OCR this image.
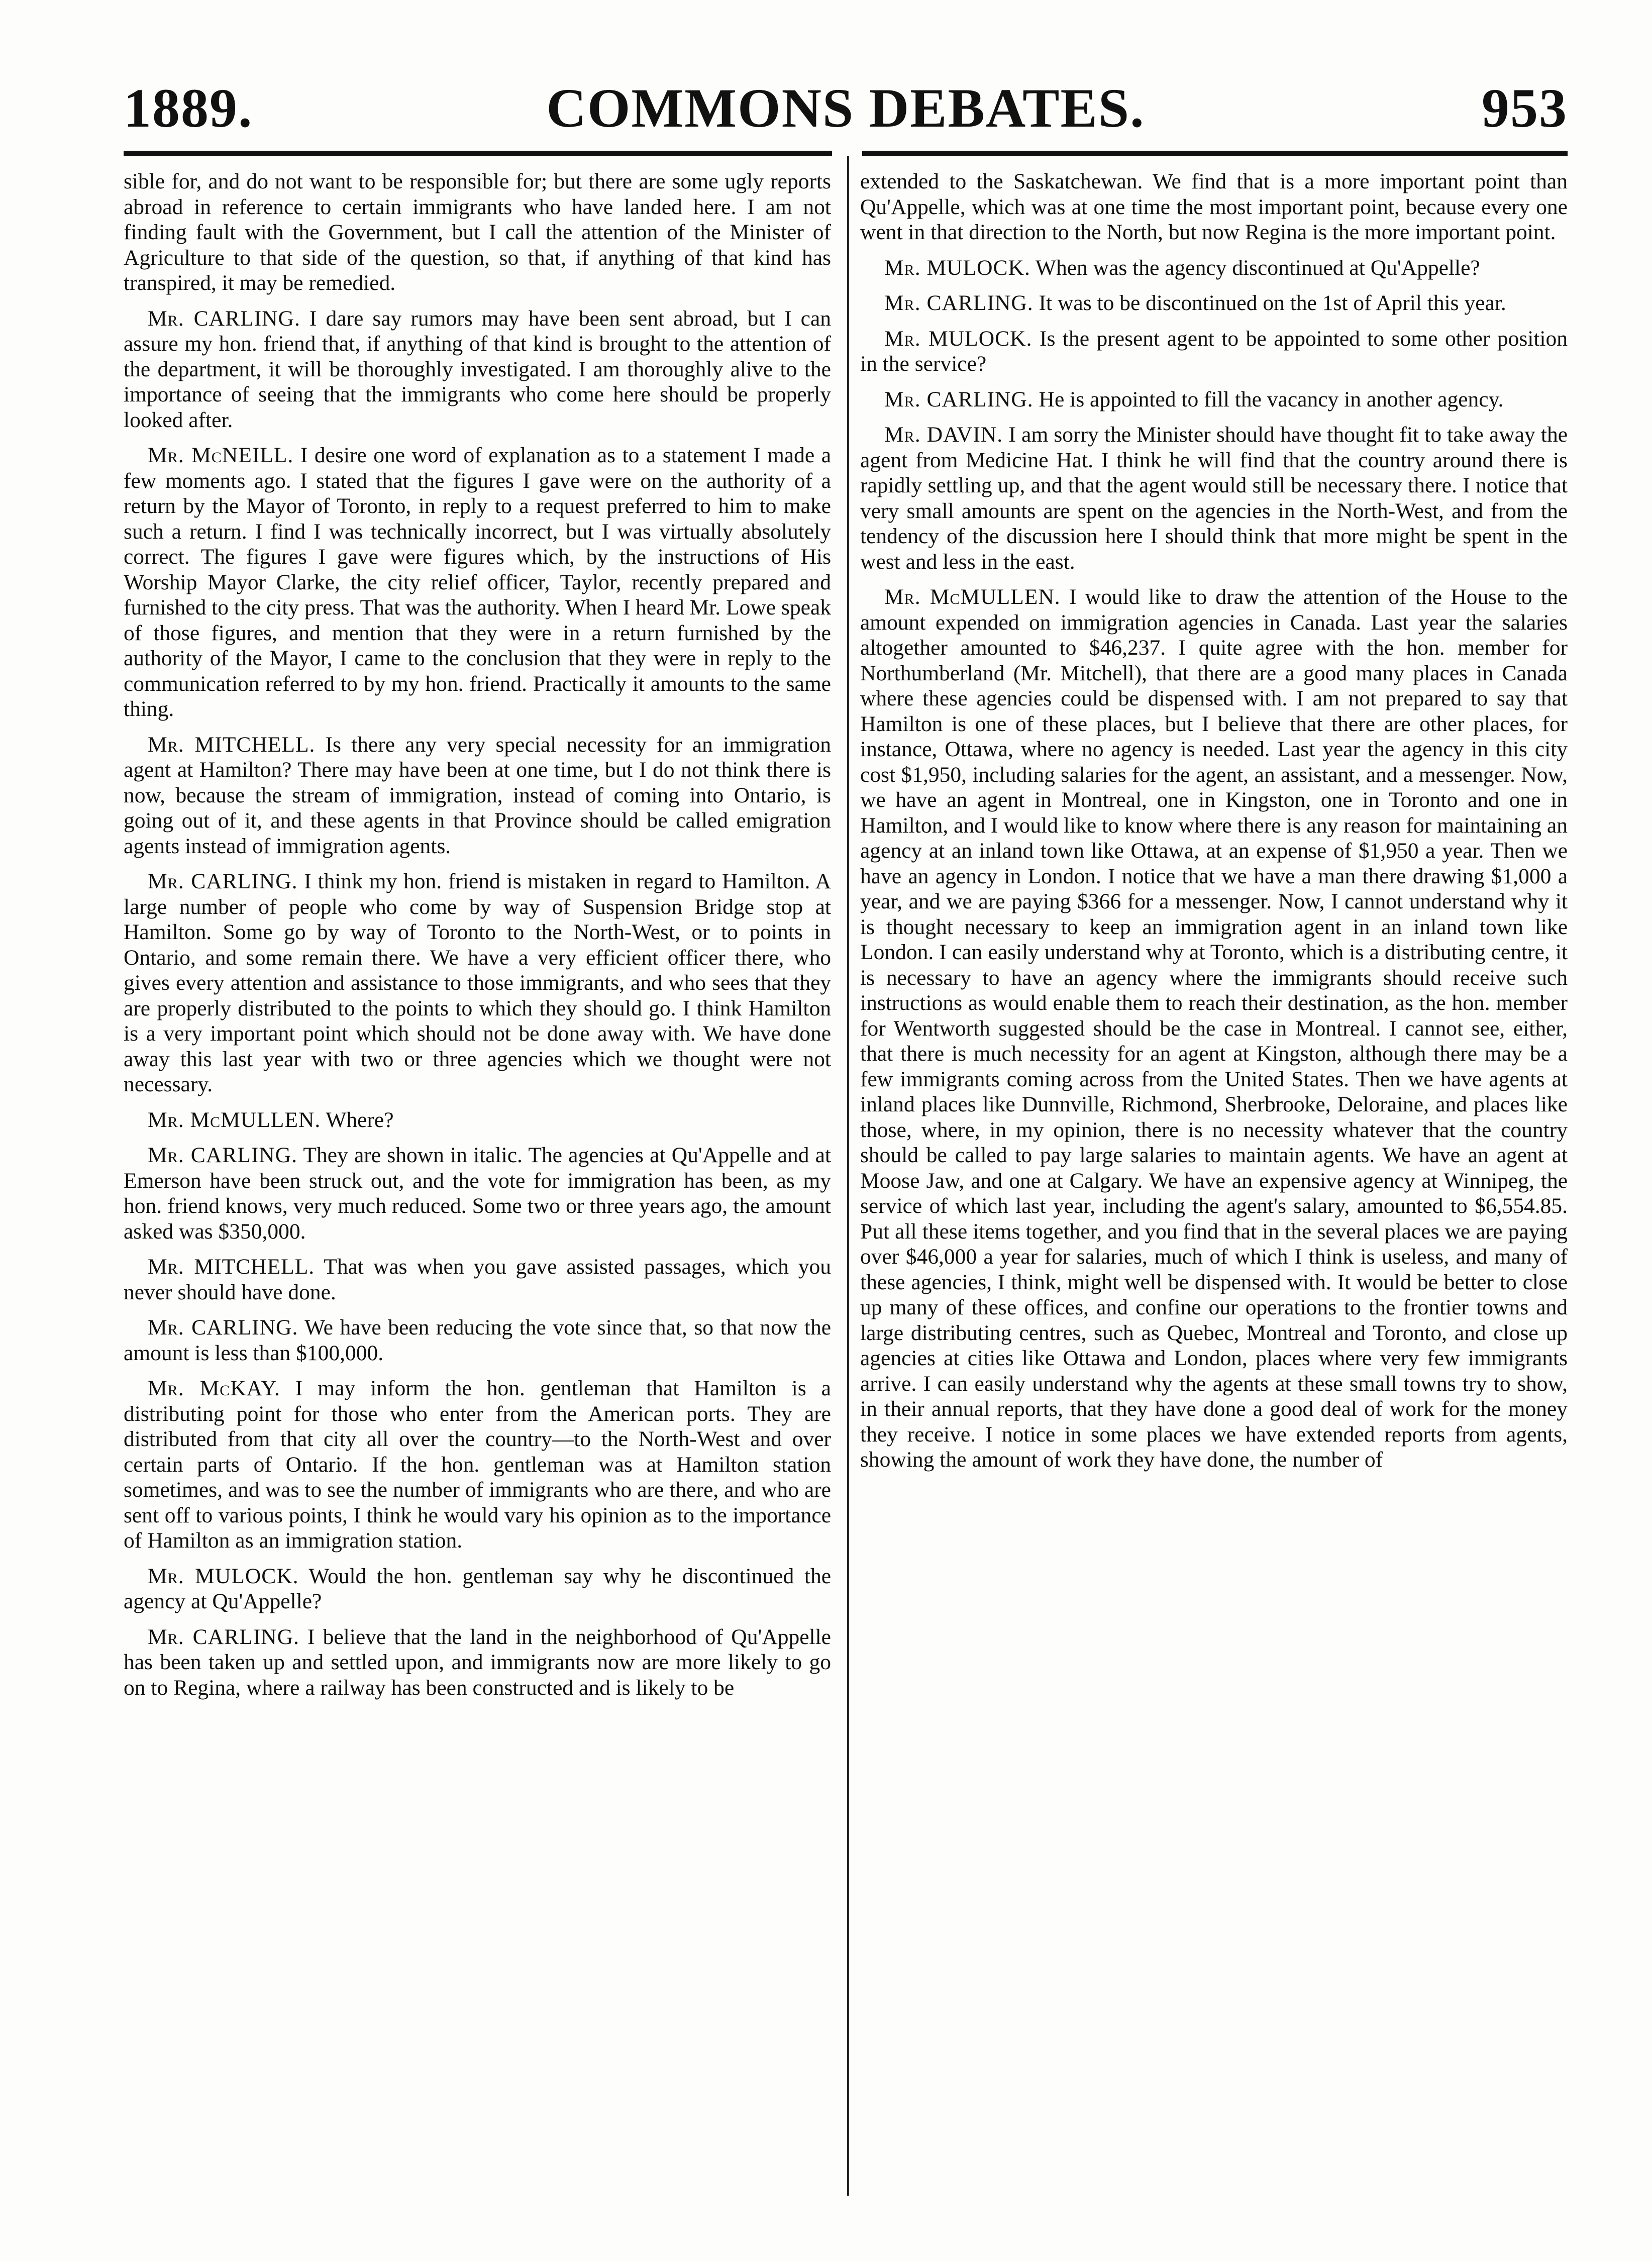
1889.	COMMONS DEBATES.	953

sible for, and do not want to be responsible for; but there are some ugly reports abroad in reference to certain immigrants who have landed here. I am not finding fault with the Government, but I call the attention of the Minister of Agriculture to that side of the question, so that, if anything of that kind has transpired, it may be remedied.

Mr. CARLING. I dare say rumors may have been sent abroad, but I can assure my hon. friend that, if anything of that kind is brought to the attention of the department, it will be thoroughly investigated. I am thoroughly alive to the importance of seeing that the immigrants who come here should be properly looked after.

Mr. McNEILL. I desire one word of explanation as to a statement I made a few moments ago. I stated that the figures I gave were on the authority of a return by the Mayor of Toronto, in reply to a request preferred to him to make such a return. I find I was technically incorrect, but I was virtually absolutely correct. The figures I gave were figures which, by the instructions of His Worship Mayor Clarke, the city relief officer, Taylor, recently prepared and furnished to the city press. That was the authority. When I heard Mr. Lowe speak of those figures, and mention that they were in a return furnished by the authority of the Mayor, I came to the conclusion that they were in reply to the communication referred to by my hon. friend. Practically it amounts to the same thing.

Mr. MITCHELL. Is there any very special necessity for an immigration agent at Hamilton? There may have been at one time, but I do not think there is now, because the stream of immigration, instead of coming into Ontario, is going out of it, and these agents in that Province should be called emigration agents instead of immigration agents.

Mr. CARLING. I think my hon. friend is mistaken in regard to Hamilton. A large number of people who come by way of Suspension Bridge stop at Hamilton. Some go by way of Toronto to the North-West, or to points in Ontario, and some remain there. We have a very efficient officer there, who gives every attention and assistance to those immigrants, and who sees that they are properly distributed to the points to which they should go. I think Hamilton is a very important point which should not be done away with. We have done away this last year with two or three agencies which we thought were not necessary.

Mr. McMULLEN. Where?

Mr. CARLING. They are shown in italic. The agencies at Qu'Appelle and at Emerson have been struck out, and the vote for immigration has been, as my hon. friend knows, very much reduced. Some two or three years ago, the amount asked was $350,000.

Mr. MITCHELL. That was when you gave assisted passages, which you never should have done.

Mr. CARLING. We have been reducing the vote since that, so that now the amount is less than $100,000.

Mr. McKAY. I may inform the hon. gentleman that Hamilton is a distributing point for those who enter from the American ports. They are distributed from that city all over the country—to the North-West and over certain parts of Ontario. If the hon. gentleman was at Hamilton station sometimes, and was to see the number of immigrants who are there, and who are sent off to various points, I think he would vary his opinion as to the importance of Hamilton as an immigration station.

Mr. MULOCK. Would the hon. gentleman say why he discontinued the agency at Qu'Appelle?

Mr. CARLING. I believe that the land in the neighborhood of Qu'Appelle has been taken up and settled upon, and immigrants now are more likely to go on to Regina, where a railway has been constructed and is likely to be

extended to the Saskatchewan. We find that is a more important point than Qu'Appelle, which was at one time the most important point, because every one went in that direction to the North, but now Regina is the more important point.

Mr. MULOCK. When was the agency discontinued at Qu'Appelle?

Mr. CARLING. It was to be discontinued on the 1st of April this year.

Mr. MULOCK. Is the present agent to be appointed to some other position in the service?

Mr. CARLING. He is appointed to fill the vacancy in another agency.

Mr. DAVIN. I am sorry the Minister should have thought fit to take away the agent from Medicine Hat. I think he will find that the country around there is rapidly settling up, and that the agent would still be necessary there. I notice that very small amounts are spent on the agencies in the North-West, and from the tendency of the discussion here I should think that more might be spent in the west and less in the east.

Mr. McMULLEN. I would like to draw the attention of the House to the amount expended on immigration agencies in Canada. Last year the salaries altogether amounted to $46,237. I quite agree with the hon. member for Northumberland (Mr. Mitchell), that there are a good many places in Canada where these agencies could be dispensed with. I am not prepared to say that Hamilton is one of these places, but I believe that there are other places, for instance, Ottawa, where no agency is needed. Last year the agency in this city cost $1,950, including salaries for the agent, an assistant, and a messenger. Now, we have an agent in Montreal, one in Kingston, one in Toronto and one in Hamilton, and I would like to know where there is any reason for maintaining an agency at an inland town like Ottawa, at an expense of $1,950 a year. Then we have an agency in London. I notice that we have a man there drawing $1,000 a year, and we are paying $366 for a messenger. Now, I cannot understand why it is thought necessary to keep an immigration agent in an inland town like London. I can easily understand why at Toronto, which is a distributing centre, it is necessary to have an agency where the immigrants should receive such instructions as would enable them to reach their destination, as the hon. member for Wentworth suggested should be the case in Montreal. I cannot see, either, that there is much necessity for an agent at Kingston, although there may be a few immigrants coming across from the United States. Then we have agents at inland places like Dunnville, Richmond, Sherbrooke, Deloraine, and places like those, where, in my opinion, there is no necessity whatever that the country should be called to pay large salaries to maintain agents. We have an agent at Moose Jaw, and one at Calgary. We have an expensive agency at Winnipeg, the service of which last year, including the agent's salary, amounted to $6,554.85. Put all these items together, and you find that in the several places we are paying over $46,000 a year for salaries, much of which I think is useless, and many of these agencies, I think, might well be dispensed with. It would be better to close up many of these offices, and confine our operations to the frontier towns and large distributing centres, such as Quebec, Montreal and Toronto, and close up agencies at cities like Ottawa and London, places where very few immigrants arrive. I can easily understand why the agents at these small towns try to show, in their annual reports, that they have done a good deal of work for the money they receive. I notice in some places we have extended reports from agents, showing the amount of work they have done, the number of
